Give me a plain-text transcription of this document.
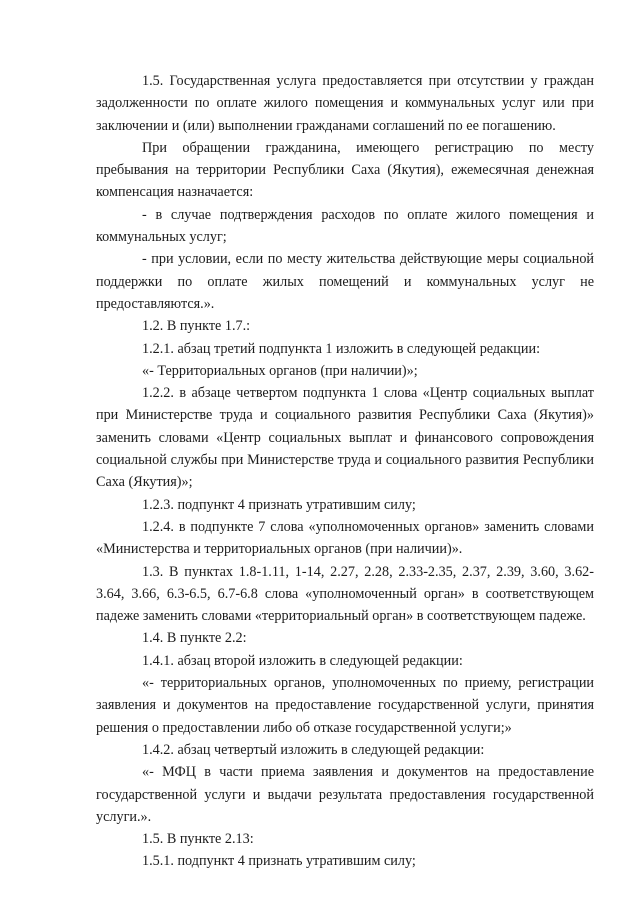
1.5. Государственная услуга предоставляется при отсутствии у граждан задолженности по оплате жилого помещения и коммунальных услуг или при заключении и (или) выполнении гражданами соглашений по ее погашению.

При обращении гражданина, имеющего регистрацию по месту пребывания на территории Республики Саха (Якутия), ежемесячная денежная компенсация назначается:

- в случае подтверждения расходов по оплате жилого помещения и коммунальных услуг;

- при условии, если по месту жительства действующие меры социальной поддержки по оплате жилых помещений и коммунальных услуг не предоставляются.».

1.2. В пункте 1.7.:

1.2.1. абзац третий подпункта 1 изложить в следующей редакции:

«- Территориальных органов (при наличии)»;

1.2.2. в абзаце четвертом подпункта 1 слова «Центр социальных выплат при Министерстве труда и социального развития Республики Саха (Якутия)» заменить словами «Центр социальных выплат и финансового сопровождения социальной службы при Министерстве труда и социального развития Республики Саха (Якутия)»;

1.2.3. подпункт 4 признать утратившим силу;

1.2.4. в подпункте 7 слова «уполномоченных органов» заменить словами «Министерства и территориальных органов (при наличии)».

1.3. В пунктах 1.8-1.11, 1-14, 2.27, 2.28, 2.33-2.35, 2.37, 2.39, 3.60, 3.62-3.64, 3.66, 6.3-6.5, 6.7-6.8 слова «уполномоченный орган» в соответствующем падеже заменить словами «территориальный орган» в соответствующем падеже.

1.4. В пункте 2.2:

1.4.1. абзац второй изложить в следующей редакции:

«- территориальных органов, уполномоченных по приему, регистрации заявления и документов на предоставление государственной услуги, принятия решения о предоставлении либо об отказе государственной услуги;»

1.4.2. абзац четвертый изложить в следующей редакции:

«- МФЦ в части приема заявления и документов на предоставление государственной услуги и выдачи результата предоставления государственной услуги.».

1.5. В пункте 2.13:

1.5.1. подпункт 4 признать утратившим силу;
